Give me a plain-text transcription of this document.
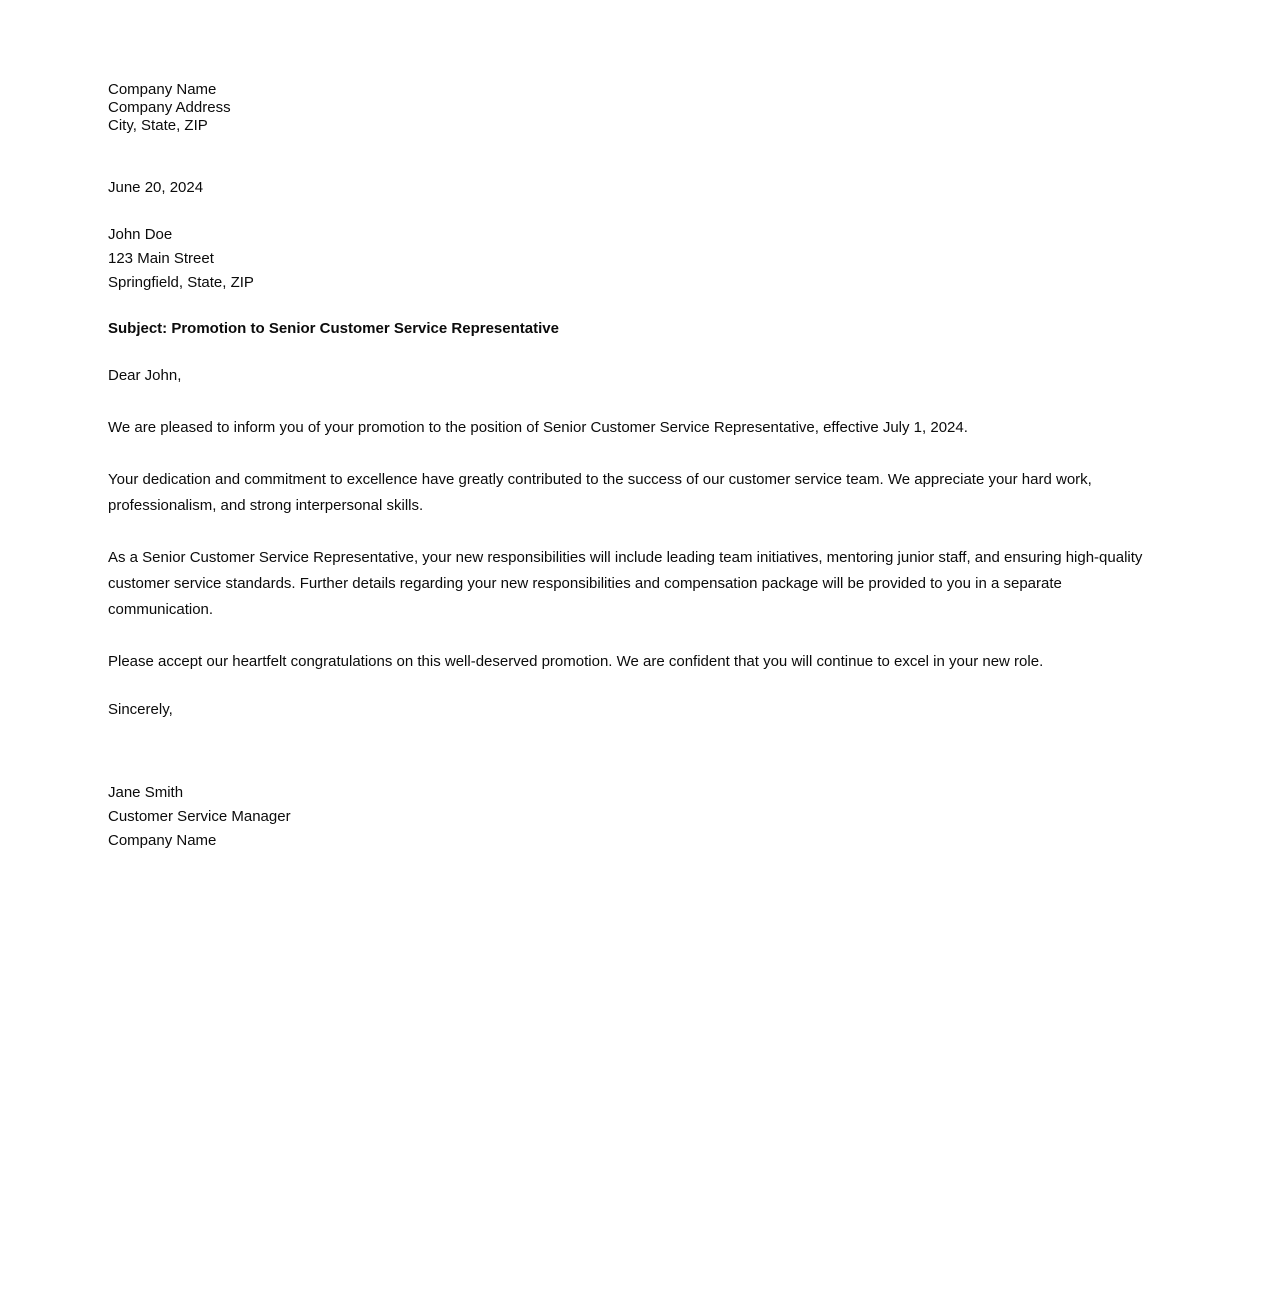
Company Name
Company Address
City, State, ZIP
June 20, 2024
John Doe
123 Main Street
Springfield, State, ZIP
Subject: Promotion to Senior Customer Service Representative
Dear John,

We are pleased to inform you of your promotion to the position of Senior Customer Service Representative, effective July 1, 2024.

Your dedication and commitment to excellence have greatly contributed to the success of our customer service team. We appreciate your hard work, professionalism, and strong interpersonal skills.

As a Senior Customer Service Representative, your new responsibilities will include leading team initiatives, mentoring junior staff, and ensuring high-quality customer service standards. Further details regarding your new responsibilities and compensation package will be provided to you in a separate communication.

Please accept our heartfelt congratulations on this well-deserved promotion. We are confident that you will continue to excel in your new role.

Sincerely,
Jane Smith
Customer Service Manager
Company Name
